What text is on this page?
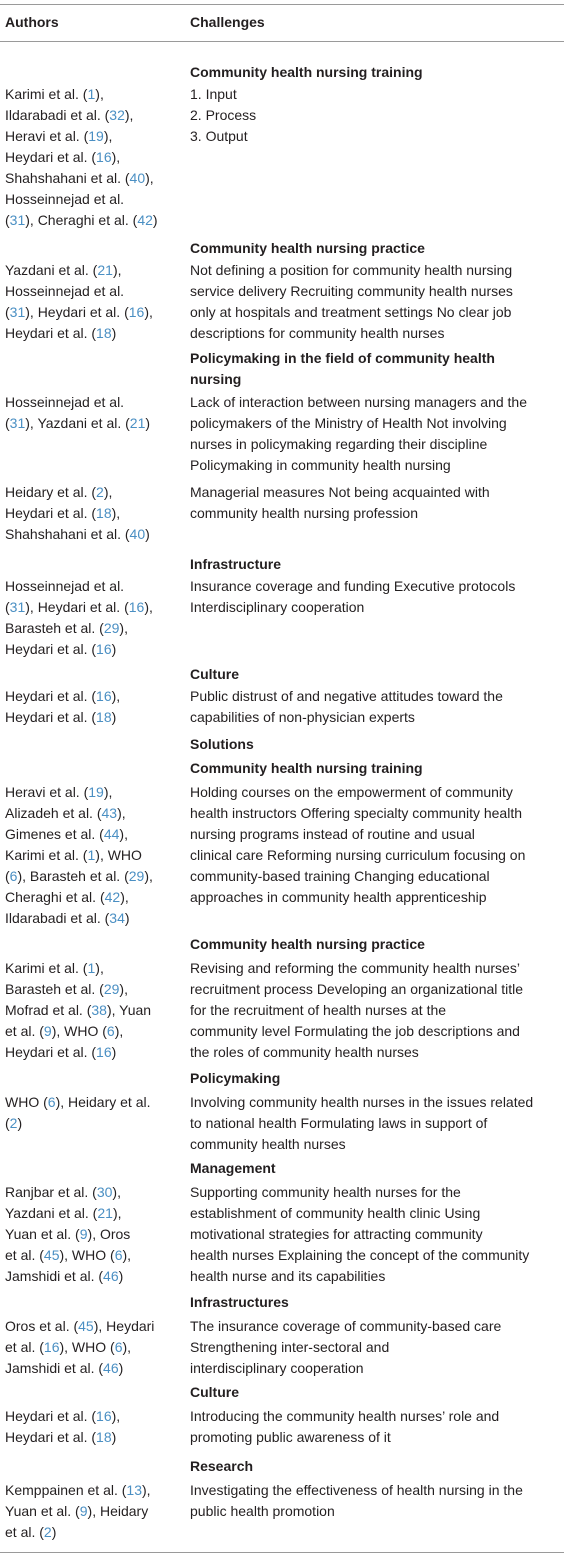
Authors	Challenges
Community health nursing training
Karimi et al. (1),
Ildarabadi et al. (32),
Heravi et al. (19),
Heydari et al. (16),
Shahshahani et al. (40),
Hosseinnejad et al.
(31), Cheraghi et al. (42)
1. Input
2. Process
3. Output
Community health nursing practice
Yazdani et al. (21),
Hosseinnejad et al.
(31), Heydari et al. (16),
Heydari et al. (18)
Not defining a position for community health nursing
service delivery Recruiting community health nurses
only at hospitals and treatment settings No clear job
descriptions for community health nurses
Policymaking in the field of community health
nursing
Hosseinnejad et al.
(31), Yazdani et al. (21)
Lack of interaction between nursing managers and the
policymakers of the Ministry of Health Not involving
nurses in policymaking regarding their discipline
Policymaking in community health nursing
Heidary et al. (2),
Heydari et al. (18),
Shahshahani et al. (40)
Managerial measures Not being acquainted with
community health nursing profession
Infrastructure
Hosseinnejad et al.
(31), Heydari et al. (16),
Barasteh et al. (29),
Heydari et al. (16)
Insurance coverage and funding Executive protocols
Interdisciplinary cooperation
Culture
Heydari et al. (16),
Heydari et al. (18)
Public distrust of and negative attitudes toward the
capabilities of non-physician experts
Solutions
Community health nursing training
Heravi et al. (19),
Alizadeh et al. (43),
Gimenes et al. (44),
Karimi et al. (1), WHO
(6), Barasteh et al. (29),
Cheraghi et al. (42),
Ildarabadi et al. (34)
Holding courses on the empowerment of community
health instructors Offering specialty community health
nursing programs instead of routine and usual
clinical care Reforming nursing curriculum focusing on
community-based training Changing educational
approaches in community health apprenticeship
Community health nursing practice
Karimi et al. (1),
Barasteh et al. (29),
Mofrad et al. (38), Yuan
et al. (9), WHO (6),
Heydari et al. (16)
Revising and reforming the community health nurses’
recruitment process Developing an organizational title
for the recruitment of health nurses at the
community level Formulating the job descriptions and
the roles of community health nurses
Policymaking
WHO (6), Heidary et al.
(2)
Involving community health nurses in the issues related
to national health Formulating laws in support of
community health nurses
Management
Ranjbar et al. (30),
Yazdani et al. (21),
Yuan et al. (9), Oros
et al. (45), WHO (6),
Jamshidi et al. (46)
Supporting community health nurses for the
establishment of community health clinic Using
motivational strategies for attracting community
health nurses Explaining the concept of the community
health nurse and its capabilities
Infrastructures
Oros et al. (45), Heydari
et al. (16), WHO (6),
Jamshidi et al. (46)
The insurance coverage of community-based care
Strengthening inter-sectoral and
interdisciplinary cooperation
Culture
Heydari et al. (16),
Heydari et al. (18)
Introducing the community health nurses’ role and
promoting public awareness of it
Research
Kemppainen et al. (13),
Yuan et al. (9), Heidary
et al. (2)
Investigating the effectiveness of health nursing in the
public health promotion
